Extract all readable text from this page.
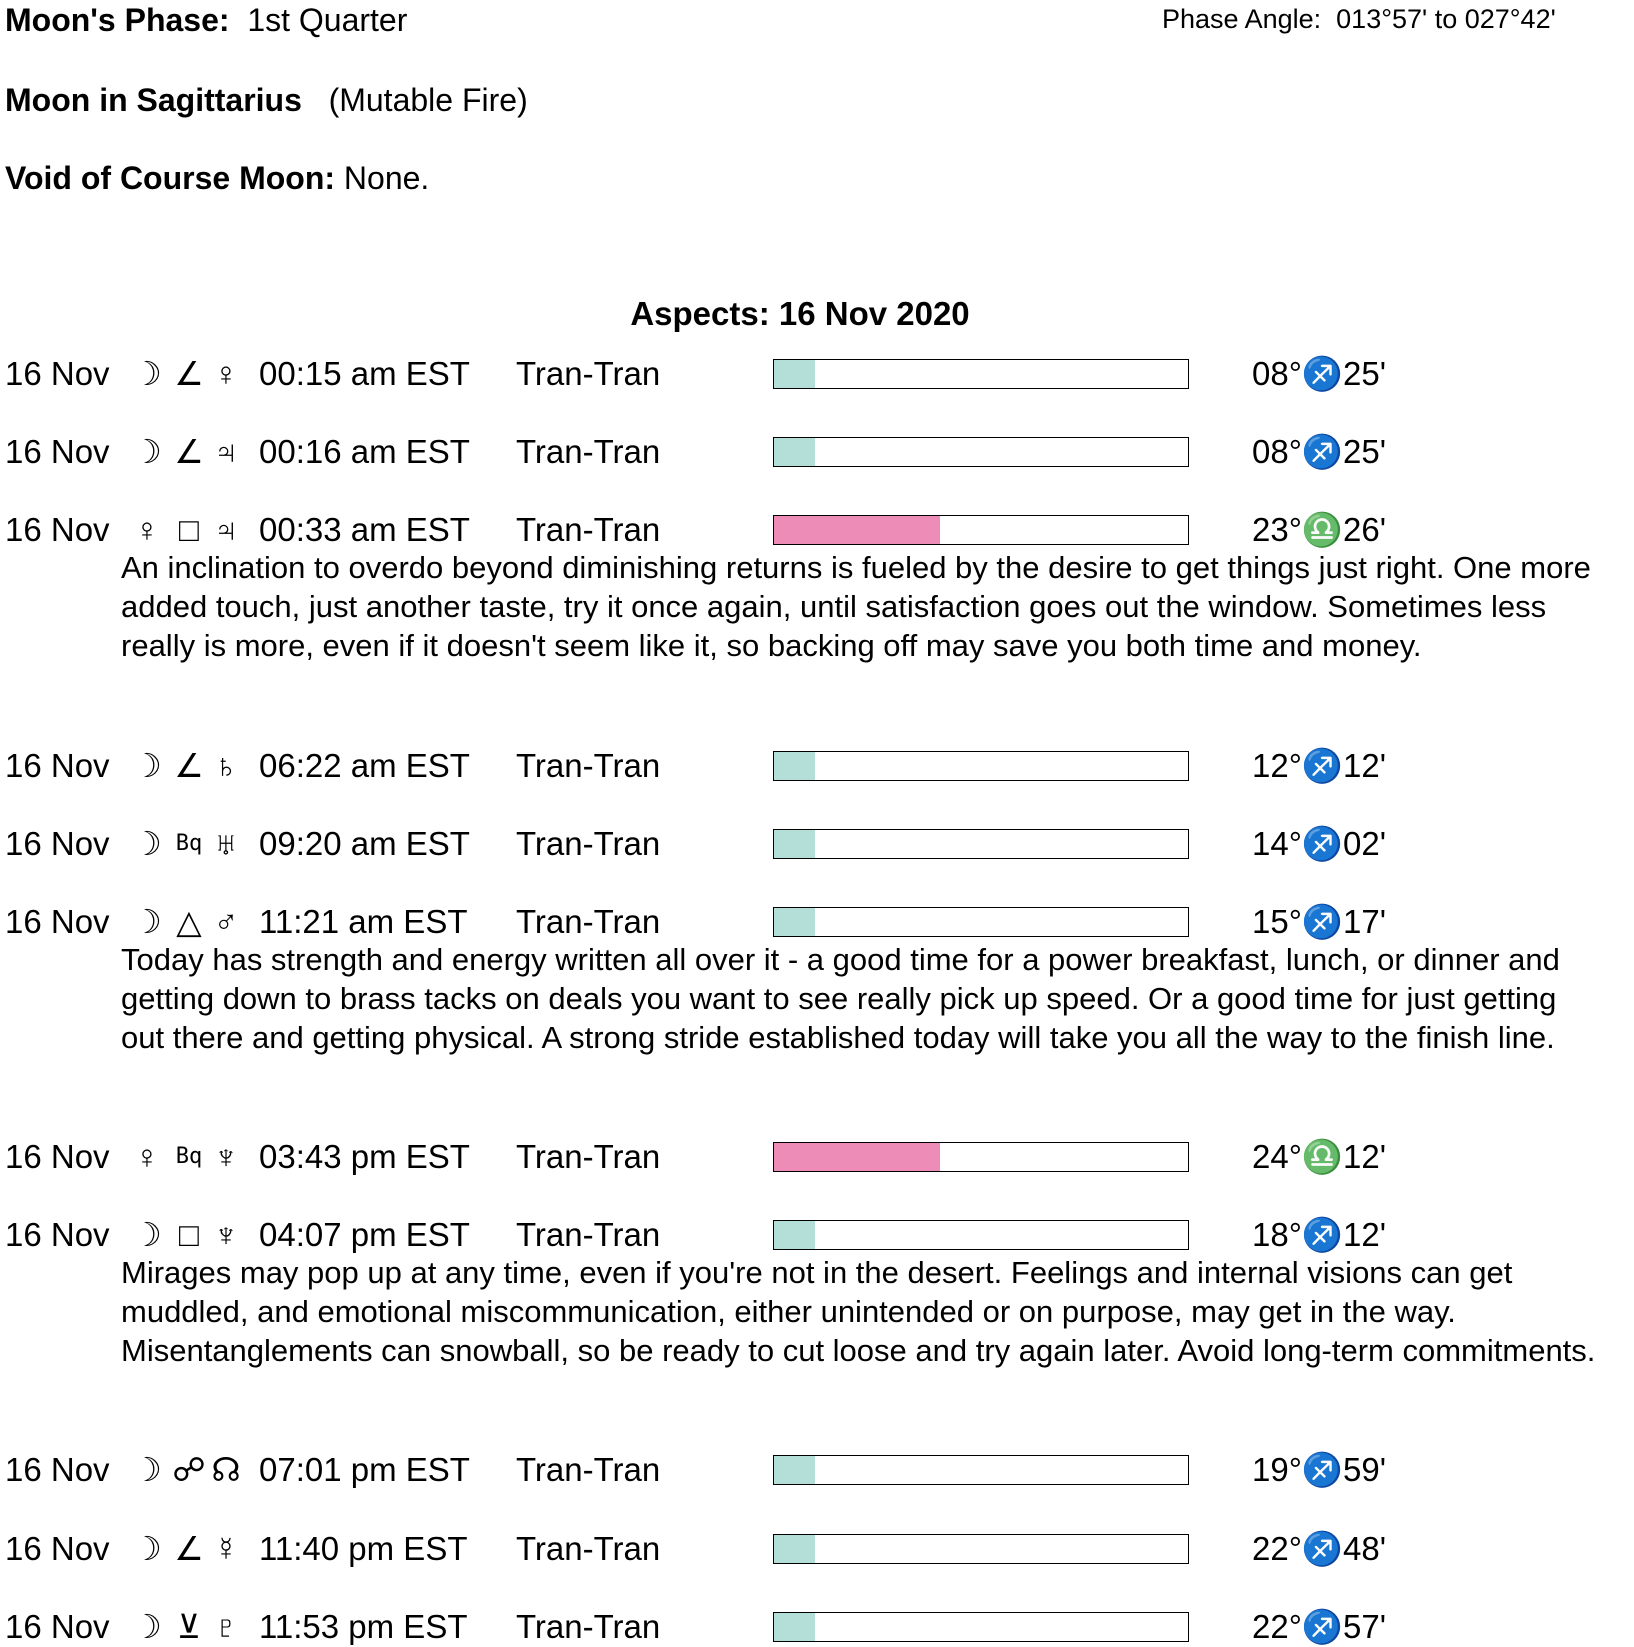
Moon's Phase: 1st Quarter	Phase Angle: 013°57' to 027°42'
Moon in Sagittarius (Mutable Fire)
Void of Course Moon: None.
Aspects: 16 Nov 2020
16 Nov ☽ ∠ ♀ 00:15 am EST Tran-Tran	08°♐25'
16 Nov ☽ ∠ ♃ 00:16 am EST Tran-Tran	08°♐25'
16 Nov ♀ □ ♃ 00:33 am EST Tran-Tran	23°♎26'
An inclination to overdo beyond diminishing returns is fueled by the desire to get things just right. One more added touch, just another taste, try it once again, until satisfaction goes out the window. Sometimes less really is more, even if it doesn't seem like it, so backing off may save you both time and money.
16 Nov ☽ ∠ ♄ 06:22 am EST Tran-Tran	12°♐12'
16 Nov ☽ Bq ♅ 09:20 am EST Tran-Tran	14°♐02'
16 Nov ☽ △ ♂ 11:21 am EST Tran-Tran	15°♐17'
Today has strength and energy written all over it - a good time for a power breakfast, lunch, or dinner and getting down to brass tacks on deals you want to see really pick up speed. Or a good time for just getting out there and getting physical. A strong stride established today will take you all the way to the finish line.
16 Nov ♀ Bq ♆ 03:43 pm EST Tran-Tran	24°♎12'
16 Nov ☽ □ ♆ 04:07 pm EST Tran-Tran	18°♐12'
Mirages may pop up at any time, even if you're not in the desert. Feelings and internal visions can get muddled, and emotional miscommunication, either unintended or on purpose, may get in the way. Misentanglements can snowball, so be ready to cut loose and try again later. Avoid long-term commitments.
16 Nov ☽ ☍ ☊ 07:01 pm EST Tran-Tran	19°♐59'
16 Nov ☽ ∠ ☿ 11:40 pm EST Tran-Tran	22°♐48'
16 Nov ☽ ⊻ ♇ 11:53 pm EST Tran-Tran	22°♐57'
